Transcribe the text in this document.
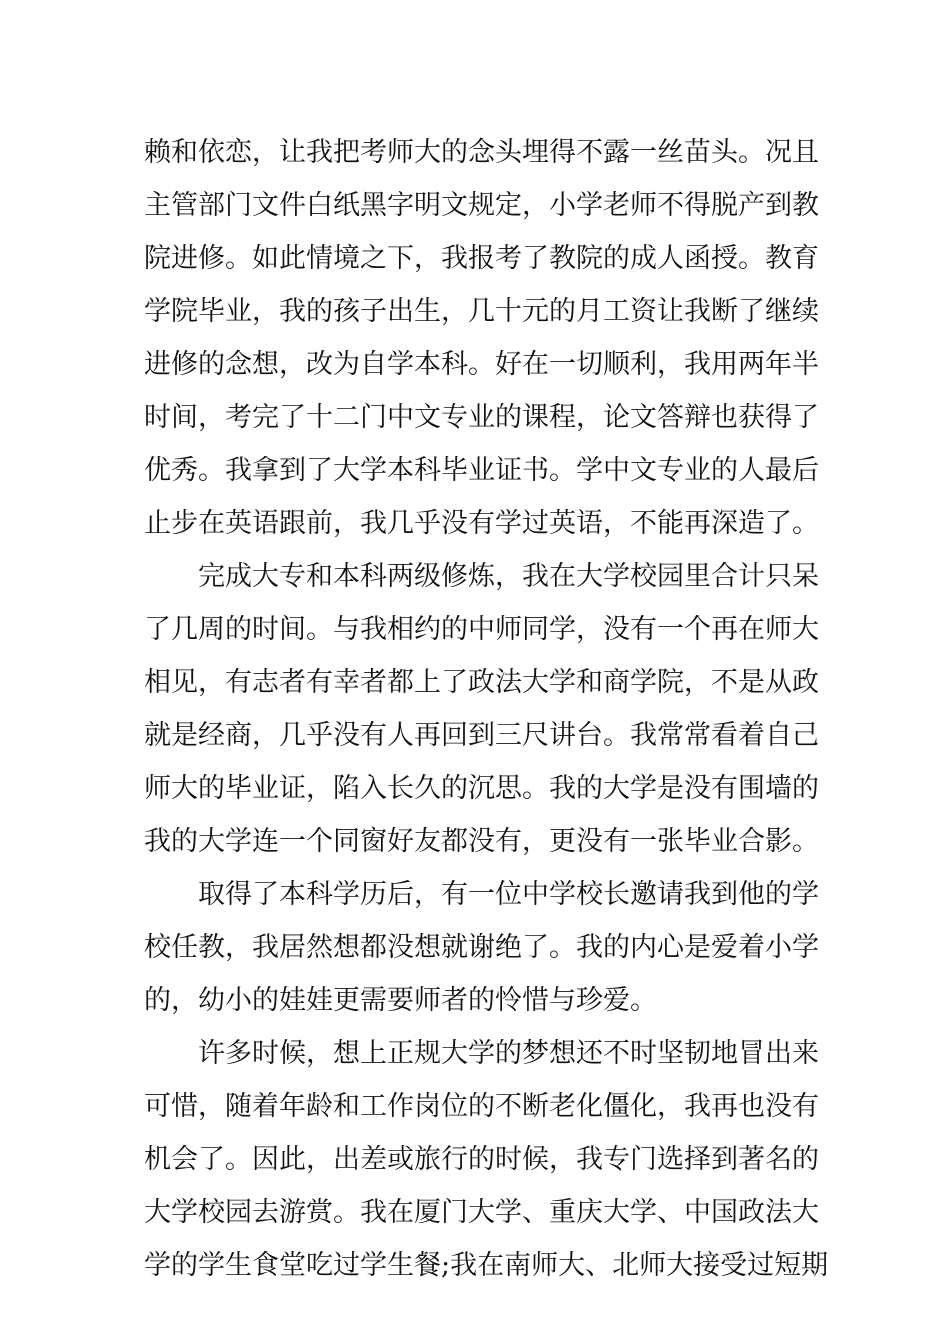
赖和依恋，让我把考师大的念头埋得不露一丝苗头。况且
主管部门文件白纸黑字明文规定，小学老师不得脱产到教
院进修。如此情境之下，我报考了教院的成人函授。教育
学院毕业，我的孩子出生，几十元的月工资让我断了继续
进修的念想，改为自学本科。好在一切顺利，我用两年半
时间，考完了十二门中文专业的课程，论文答辩也获得了
优秀。我拿到了大学本科毕业证书。学中文专业的人最后
止步在英语跟前，我几乎没有学过英语，不能再深造了。
完成大专和本科两级修炼，我在大学校园里合计只呆
了几周的时间。与我相约的中师同学，没有一个再在师大
相见，有志者有幸者都上了政法大学和商学院，不是从政
就是经商，几乎没有人再回到三尺讲台。我常常看着自己
师大的毕业证，陷入长久的沉思。我的大学是没有围墙的
我的大学连一个同窗好友都没有，更没有一张毕业合影。
取得了本科学历后，有一位中学校长邀请我到他的学
校任教，我居然想都没想就谢绝了。我的内心是爱着小学
的，幼小的娃娃更需要师者的怜惜与珍爱。
许多时候，想上正规大学的梦想还不时坚韧地冒出来
可惜，随着年龄和工作岗位的不断老化僵化，我再也没有
机会了。因此，出差或旅行的时候，我专门选择到著名的
大学校园去游赏。我在厦门大学、重庆大学、中国政法大
学的学生食堂吃过学生餐;我在南师大、北师大接受过短期
